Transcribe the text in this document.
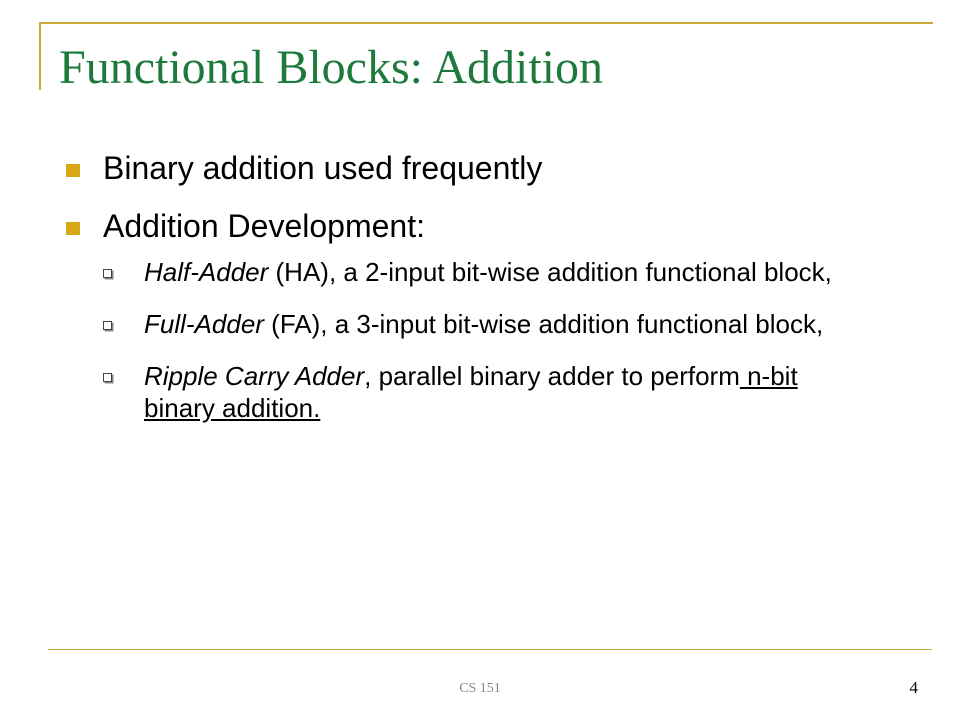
Functional Blocks: Addition
Binary addition used frequently
Addition Development:
Half-Adder (HA), a 2-input bit-wise addition functional block,
Full-Adder (FA), a 3-input bit-wise addition functional block,
Ripple Carry Adder, parallel binary adder to perform n-bit binary addition.
CS 151	4
